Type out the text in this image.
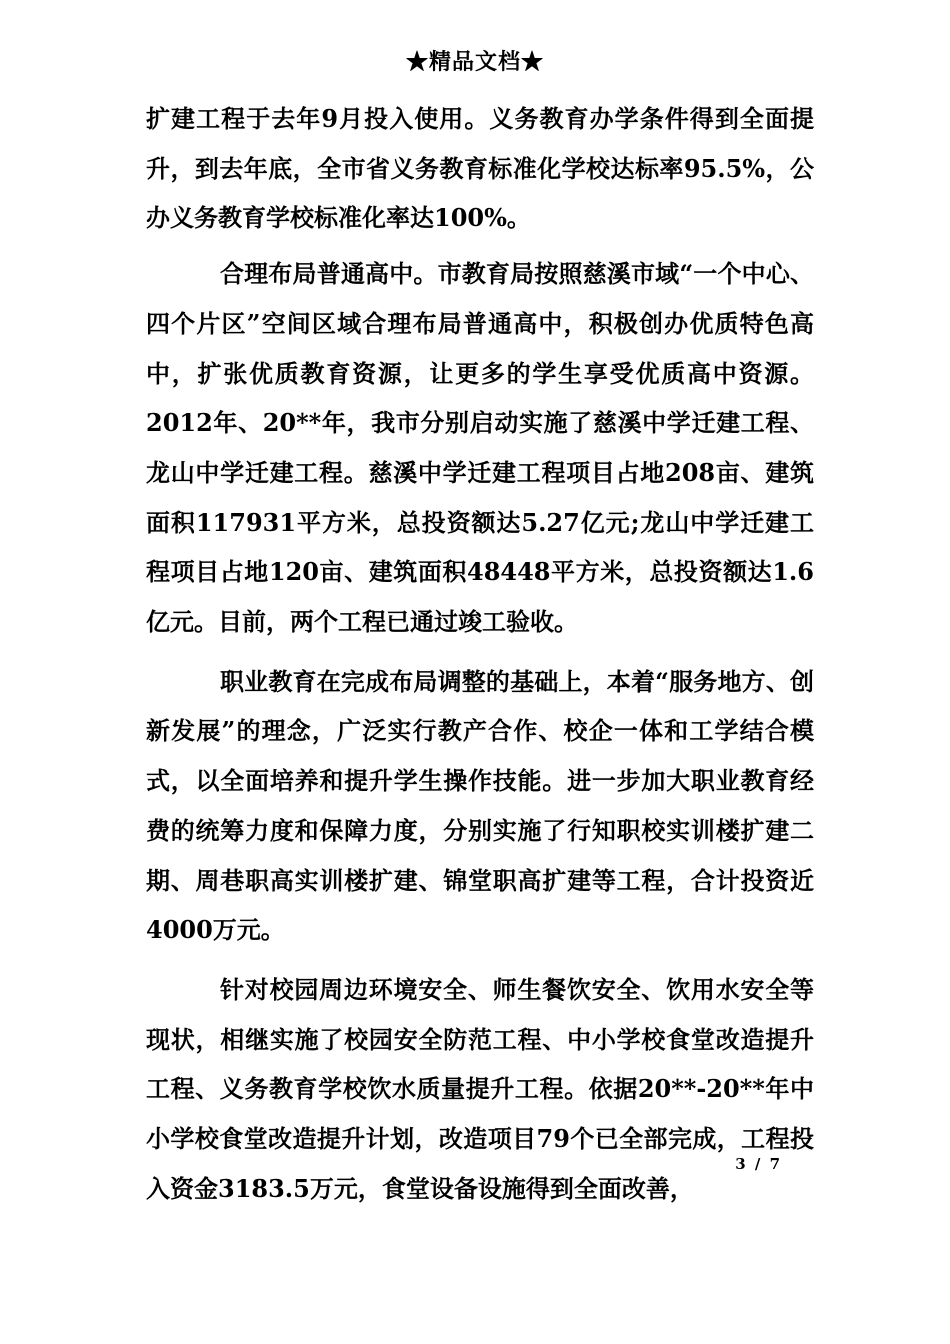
★精品文档★

扩建工程于去年9月投入使用。义务教育办学条件得到全面提升，到去年底，全市省义务教育标准化学校达标率95.5%，公办义务教育学校标准化率达100%。

合理布局普通高中。市教育局按照慈溪市域“一个中心、四个片区”空间区域合理布局普通高中，积极创办优质特色高中，扩张优质教育资源，让更多的学生享受优质高中资源。2012年、20**年，我市分别启动实施了慈溪中学迁建工程、龙山中学迁建工程。慈溪中学迁建工程项目占地208亩、建筑面积117931平方米，总投资额达5.27亿元;龙山中学迁建工程项目占地120亩、建筑面积48448平方米，总投资额达1.6亿元。目前，两个工程已通过竣工验收。

职业教育在完成布局调整的基础上，本着“服务地方、创新发展”的理念，广泛实行教产合作、校企一体和工学结合模式，以全面培养和提升学生操作技能。进一步加大职业教育经费的统筹力度和保障力度，分别实施了行知职校实训楼扩建二期、周巷职高实训楼扩建、锦堂职高扩建等工程，合计投资近4000万元。

针对校园周边环境安全、师生餐饮安全、饮用水安全等现状，相继实施了校园安全防范工程、中小学校食堂改造提升工程、义务教育学校饮水质量提升工程。依据20**-20**年中小学校食堂改造提升计划，改造项目79个已全部完成，工程投入资金3183.5万元，食堂设备设施得到全面改善，

3 / 7
